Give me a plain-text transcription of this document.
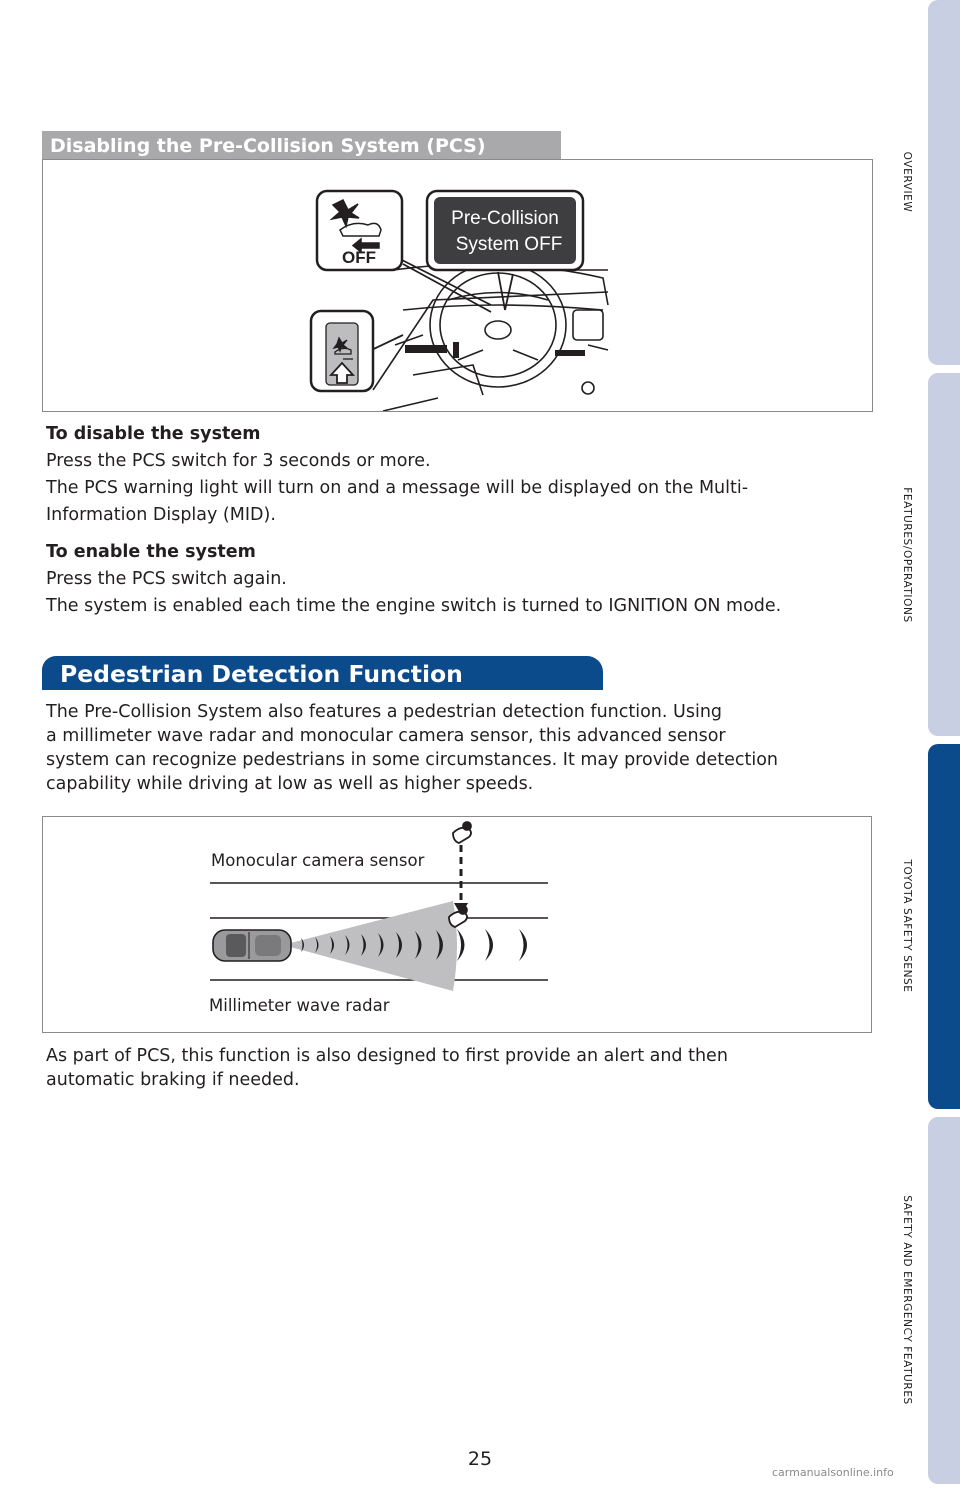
OVERVIEW
FEATURES/OPERATIONS
TOYOTA SAFETY SENSE
SAFETY AND EMERGENCY FEATURES
Disabling the Pre-Collision System (PCS)
OFF
Pre-Collision
System OFF
To disable the system
Press the PCS switch for 3 seconds or more.
The PCS warning light will turn on and a message will be displayed on the Multi-
Information Display (MID).
To enable the system
Press the PCS switch again.
The system is enabled each time the engine switch is turned to IGNITION ON mode.
Pedestrian Detection Function
The Pre-Collision System also features a pedestrian detection function. Using
a millimeter wave radar and monocular camera sensor, this advanced sensor
system can recognize pedestrians in some circumstances. It may provide detection
capability while driving at low as well as higher speeds.
Monocular camera sensor
Millimeter wave radar
As part of PCS, this function is also designed to first provide an alert and then
automatic braking if needed.
25
carmanualsonline.info
